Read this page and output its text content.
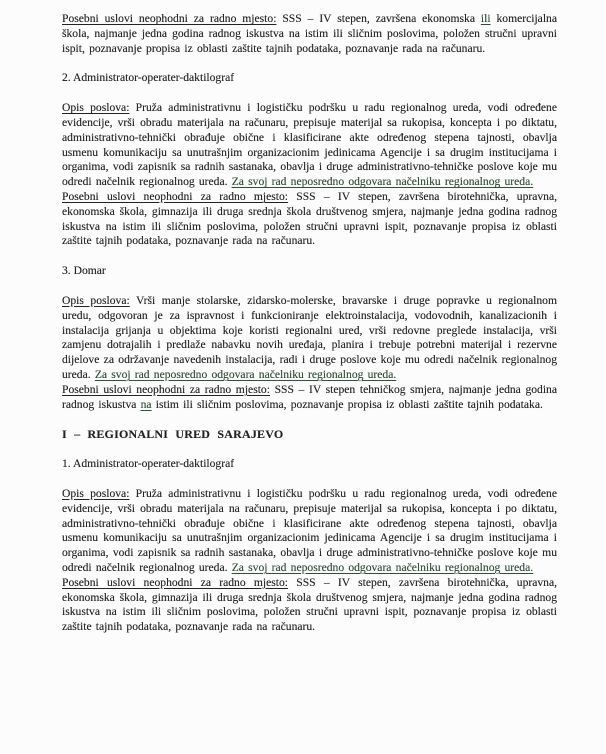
Posebni uslovi neophodni za radno mjesto: SSS – IV stepen, završena ekonomska ili komercijalna škola, najmanje jedna godina radnog iskustva na istim ili sličnim poslovima, položen stručni upravni ispit, poznavanje propisa iz oblasti zaštite tajnih podataka, poznavanje rada na računaru.

2. Administrator-operater-daktilograf

Opis poslova: Pruža administrativnu i logističku podršku u radu regionalnog ureda, vodi određene evidencije, vrši obradu materijala na računaru, prepisuje materijal sa rukopisa, koncepta i po diktatu, administrativno-tehnički obrađuje obične i klasificirane akte određenog stepena tajnosti, obavlja usmenu komunikaciju sa unutrašnjim organizacionim jedinicama Agencije i sa drugim institucijama i organima, vodi zapisnik sa radnih sastanaka, obavlja i druge administrativno-tehničke poslove koje mu odredi načelnik regionalnog ureda. Za svoj rad neposredno odgovara načelniku regionalnog ureda.

Posebni uslovi neophodni za radno mjesto: SSS – IV stepen, završena birotehnička, upravna, ekonomska škola, gimnazija ili druga srednja škola društvenog smjera, najmanje jedna godina radnog iskustva na istim ili sličnim poslovima, položen stručni upravni ispit, poznavanje propisa iz oblasti zaštite tajnih podataka, poznavanje rada na računaru.

3. Domar

Opis poslova: Vrši manje stolarske, zidarsko-molerske, bravarske i druge popravke u regionalnom uredu, odgovoran je za ispravnost i funkcioniranje elektroinstalacija, vodovodnih, kanalizacionih i instalacija grijanja u objektima koje koristi regionalni ured, vrši redovne preglede instalacija, vrši zamjenu dotrajalih i predlaže nabavku novih uređaja, planira i trebuje potrebni materijal i rezervne dijelove za održavanje navedenih instalacija, radi i druge poslove koje mu odredi načelnik regionalnog ureda. Za svoj rad neposredno odgovara načelniku regionalnog ureda.

Posebni uslovi neophodni za radno mjesto: SSS – IV stepen tehničkog smjera, najmanje jedna godina radnog iskustva na istim ili sličnim poslovima, poznavanje propisa iz oblasti zaštite tajnih podataka.

I – REGIONALNI URED SARAJEVO

1. Administrator-operater-daktilograf

Opis poslova: Pruža administrativnu i logističku podršku u radu regionalnog ureda, vodi određene evidencije, vrši obradu materijala na računaru, prepisuje materijal sa rukopisa, koncepta i po diktatu, administrativno-tehnički obrađuje obične i klasificirane akte određenog stepena tajnosti, obavlja usmenu komunikaciju sa unutrašnjim organizacionim jedinicama Agencije i sa drugim institucijama i organima, vodi zapisnik sa radnih sastanaka, obavlja i druge administrativno-tehničke poslove koje mu odredi načelnik regionalnog ureda. Za svoj rad neposredno odgovara načelniku regionalnog ureda.

Posebni uslovi neophodni za radno mjesto: SSS – IV stepen, završena birotehnička, upravna, ekonomska škola, gimnazija ili druga srednja škola društvenog smjera, najmanje jedna godina radnog iskustva na istim ili sličnim poslovima, položen stručni upravni ispit, poznavanje propisa iz oblasti zaštite tajnih podataka, poznavanje rada na računaru.
